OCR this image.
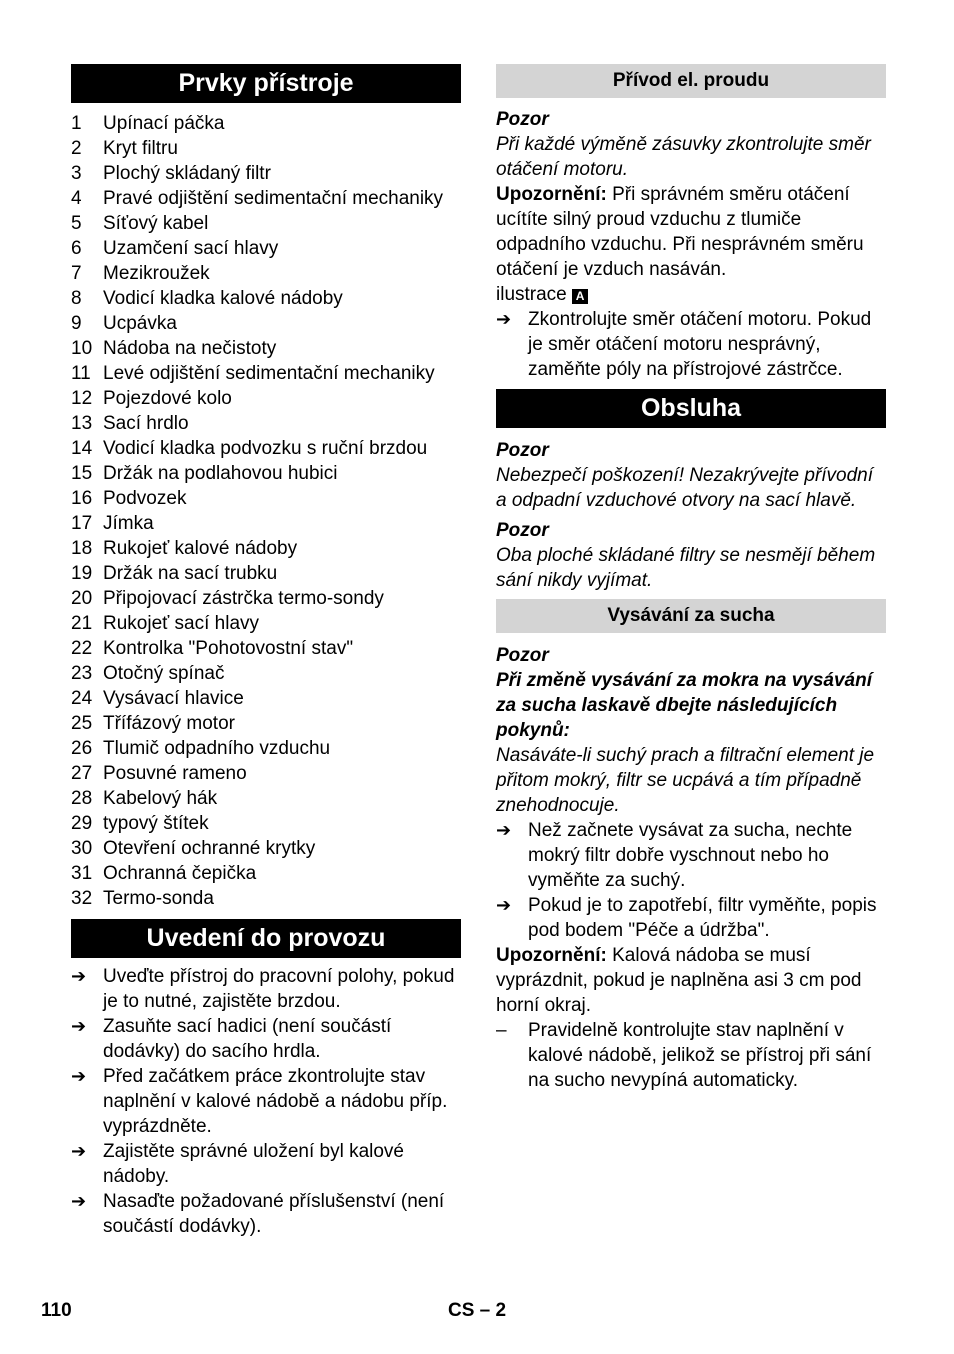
Prvky přístroje
1	Upínací páčka
2	Kryt filtru
3	Plochý skládaný filtr
4	Pravé odjištění sedimentační mechaniky
5	Síťový kabel
6	Uzamčení sací hlavy
7	Mezikroužek
8	Vodicí kladka kalové nádoby
9	Ucpávka
10 Nádoba na nečistoty
11 Levé odjištění sedimentační mechaniky
12 Pojezdové kolo
13 Sací hrdlo
14 Vodicí kladka podvozku s ruční brzdou
15 Držák na podlahovou hubici
16 Podvozek
17 Jímka
18 Rukojeť kalové nádoby
19 Držák na sací trubku
20 Připojovací zástrčka termo-sondy
21 Rukojeť sací hlavy
22 Kontrolka "Pohotovostní stav"
23 Otočný spínač
24 Vysávací hlavice
25 Třífázový motor
26 Tlumič odpadního vzduchu
27 Posuvné rameno
28 Kabelový hák
29 typový štítek
30 Otevření ochranné krytky
31 Ochranná čepička
32 Termo-sonda
Uvedení do provozu
➔ Uveďte přístroj do pracovní polohy, pokud je to nutné, zajistěte brzdou.
➔ Zasuňte sací hadici (není součástí dodávky) do sacího hrdla.
➔ Před začátkem práce zkontrolujte stav naplnění v kalové nádobě a nádobu příp. vyprázdněte.
➔ Zajistěte správné uložení byl kalové nádoby.
➔ Nasaďte požadované příslušenství (není součástí dodávky).
Přívod el. proudu

Pozor

Při každé výměně zásuvky zkontrolujte směr otáčení motoru.

Upozornění: Při správném směru otáčení ucítíte silný proud vzduchu z tlumiče odpadního vzduchu. Při nesprávném směru otáčení je vzduch nasáván.

ilustrace A

➔ Zkontrolujte směr otáčení motoru. Pokud je směr otáčení motoru nesprávný, zaměňte póly na přístrojové zástrčce.
Obsluha

Pozor

Nebezpečí poškození! Nezakrývejte přívodní a odpadní vzduchové otvory na sací hlavě.

Pozor

Oba ploché skládané filtry se nesmějí během sání nikdy vyjímat.

Vysávání za sucha

Pozor

Při změně vysávání za mokra na vysávání za sucha laskavě dbejte následujících pokynů:

Nasáváte-li suchý prach a filtrační element je přitom mokrý, filtr se ucpává a tím případně znehodnocuje.

➔ Než začnete vysávat za sucha, nechte mokrý filtr dobře vyschnout nebo ho vyměňte za suchý.
➔ Pokud je to zapotřebí, filtr vyměňte, popis pod bodem "Péče a údržba".

Upozornění: Kalová nádoba se musí vyprázdnit, pokud je naplněna asi 3 cm pod horní okraj.

–	Pravidelně kontrolujte stav naplnění v kalové nádobě, jelikož se přístroj při sání na sucho nevypíná automaticky.
110	CS – 2
